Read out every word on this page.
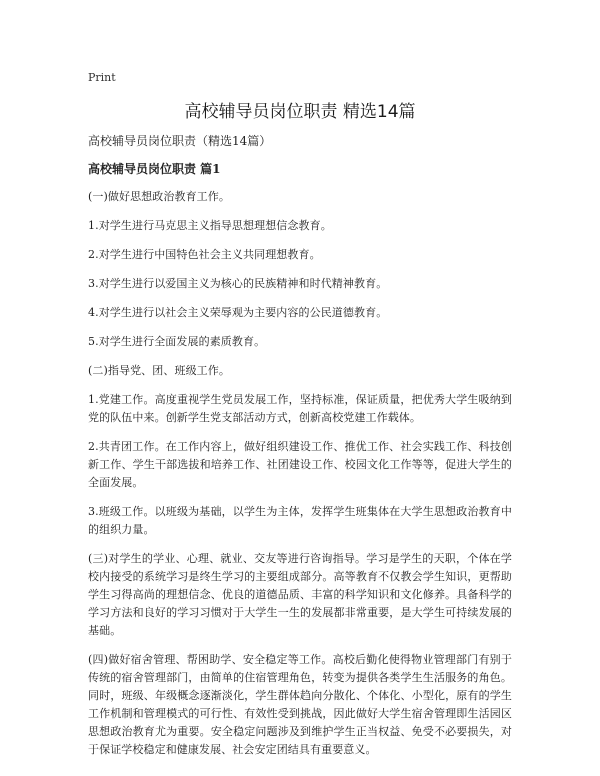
Print
高校辅导员岗位职责 精选14篇
高校辅导员岗位职责（精选14篇）
高校辅导员岗位职责 篇1

(一)做好思想政治教育工作。

1.对学生进行马克思主义指导思想理想信念教育。

2.对学生进行中国特色社会主义共同理想教育。

3.对学生进行以爱国主义为核心的民族精神和时代精神教育。

4.对学生进行以社会主义荣辱观为主要内容的公民道德教育。

5.对学生进行全面发展的素质教育。

(二)指导党、团、班级工作。

1.党建工作。高度重视学生党员发展工作，坚持标准，保证质量，把优秀大学生吸纳到党的队伍中来。创新学生党支部活动方式，创新高校党建工作载体。

2.共青团工作。在工作内容上，做好组织建设工作、推优工作、社会实践工作、科技创新工作、学生干部选拔和培养工作、社团建设工作、校园文化工作等等，促进大学生的全面发展。

3.班级工作。以班级为基础，以学生为主体，发挥学生班集体在大学生思想政治教育中的组织力量。

(三)对学生的学业、心理、就业、交友等进行咨询指导。学习是学生的天职，个体在学校内接受的系统学习是终生学习的主要组成部分。高等教育不仅教会学生知识，更帮助学生习得高尚的理想信念、优良的道德品质、丰富的科学知识和文化修养。具备科学的学习方法和良好的学习习惯对于大学生一生的发展都非常重要，是大学生可持续发展的基础。

(四)做好宿舍管理、帮困助学、安全稳定等工作。高校后勤化使得物业管理部门有别于传统的宿舍管理部门，由简单的住宿管理角色，转变为提供各类学生生活服务的角色。同时，班级、年级概念逐渐淡化，学生群体趋向分散化、个体化、小型化，原有的学生工作机制和管理模式的可行性、有效性受到挑战，因此做好大学生宿舍管理即生活园区思想政治教育尤为重要。安全稳定问题涉及到维护学生正当权益、免受不必要损失，对于保证学校稳定和健康发展、社会安定团结具有重要意义。
